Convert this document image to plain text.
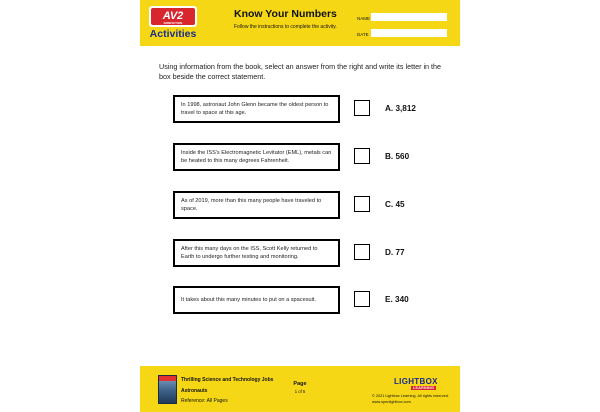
AV2
NONFICTION
Activities
Know Your Numbers
Follow the instructions to complete the activity.
NAME
DATE
Using information from the book, select an answer from the right and write its letter in the box beside the correct statement.
In 1998, astronaut John Glenn became the oldest person to travel to space at this age.	A. 3,812
Inside the ISS's Electromagnetic Levitator (EML), metals can be heated to this many degrees Fahrenheit.	B. 560
As of 2019, more than this many people have traveled to space.	C. 45
After this many days on the ISS, Scott Kelly returned to Earth to undergo further testing and monitoring.	D. 77
It takes about this many minutes to put on a spacesuit.	E. 340
Thrilling Science and Technology Jobs
Astronauts
Reference: All Pages
Page
1 of 5
LIGHTBOX
LEARNING
© 2021 Lightbox Learning. All rights reserved.
www.openlightbox.com
